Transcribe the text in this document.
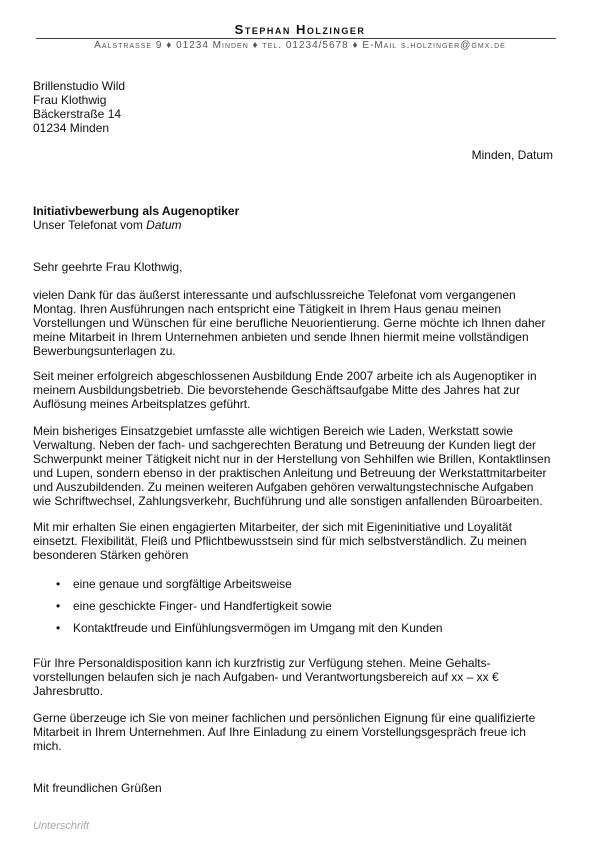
Stephan Holzinger
Aalstrasse 9 ♦ 01234 Minden ♦ tel. 01234/5678 ♦ E-Mail s.holzinger@gmx.de
Brillenstudio Wild
Frau Klothwig
Bäckerstraße 14
01234 Minden
Minden, Datum
Initiativbewerbung als Augenoptiker
Unser Telefonat vom Datum
Sehr geehrte Frau Klothwig,
vielen Dank für das äußerst interessante und aufschlussreiche Telefonat vom vergangenen
Montag. Ihren Ausführungen nach entspricht eine Tätigkeit in Ihrem Haus genau meinen
Vorstellungen und Wünschen für eine berufliche Neuorientierung. Gerne möchte ich Ihnen daher
meine Mitarbeit in Ihrem Unternehmen anbieten und sende Ihnen hiermit meine vollständigen
Bewerbungsunterlagen zu.
Seit meiner erfolgreich abgeschlossenen Ausbildung Ende 2007 arbeite ich als Augenoptiker in
meinem Ausbildungsbetrieb. Die bevorstehende Geschäftsaufgabe Mitte des Jahres hat zur
Auflösung meines Arbeitsplatzes geführt.
Mein bisheriges Einsatzgebiet umfasste alle wichtigen Bereich wie Laden, Werkstatt sowie
Verwaltung. Neben der fach- und sachgerechten Beratung und Betreuung der Kunden liegt der
Schwerpunkt meiner Tätigkeit nicht nur in der Herstellung von Sehhilfen wie Brillen, Kontaktlinsen
und Lupen, sondern ebenso in der praktischen Anleitung und Betreuung der Werkstattmitarbeiter
und Auszubildenden. Zu meinen weiteren Aufgaben gehören verwaltungstechnische Aufgaben
wie Schriftwechsel, Zahlungsverkehr, Buchführung und alle sonstigen anfallenden Büroarbeiten.
Mit mir erhalten Sie einen engagierten Mitarbeiter, der sich mit Eigeninitiative und Loyalität
einsetzt. Flexibilität, Fleiß und Pflichtbewusstsein sind für mich selbstverständlich. Zu meinen
besonderen Stärken gehören
• eine genaue und sorgfältige Arbeitsweise
• eine geschickte Finger- und Handfertigkeit sowie
• Kontaktfreude und Einfühlungsvermögen im Umgang mit den Kunden
Für Ihre Personaldisposition kann ich kurzfristig zur Verfügung stehen. Meine Gehalts-
vorstellungen belaufen sich je nach Aufgaben- und Verantwortungsbereich auf xx – xx €
Jahresbrutto.
Gerne überzeuge ich Sie von meiner fachlichen und persönlichen Eignung für eine qualifizierte
Mitarbeit in Ihrem Unternehmen. Auf Ihre Einladung zu einem Vorstellungsgespräch freue ich
mich.
Mit freundlichen Grüßen
Unterschrift
